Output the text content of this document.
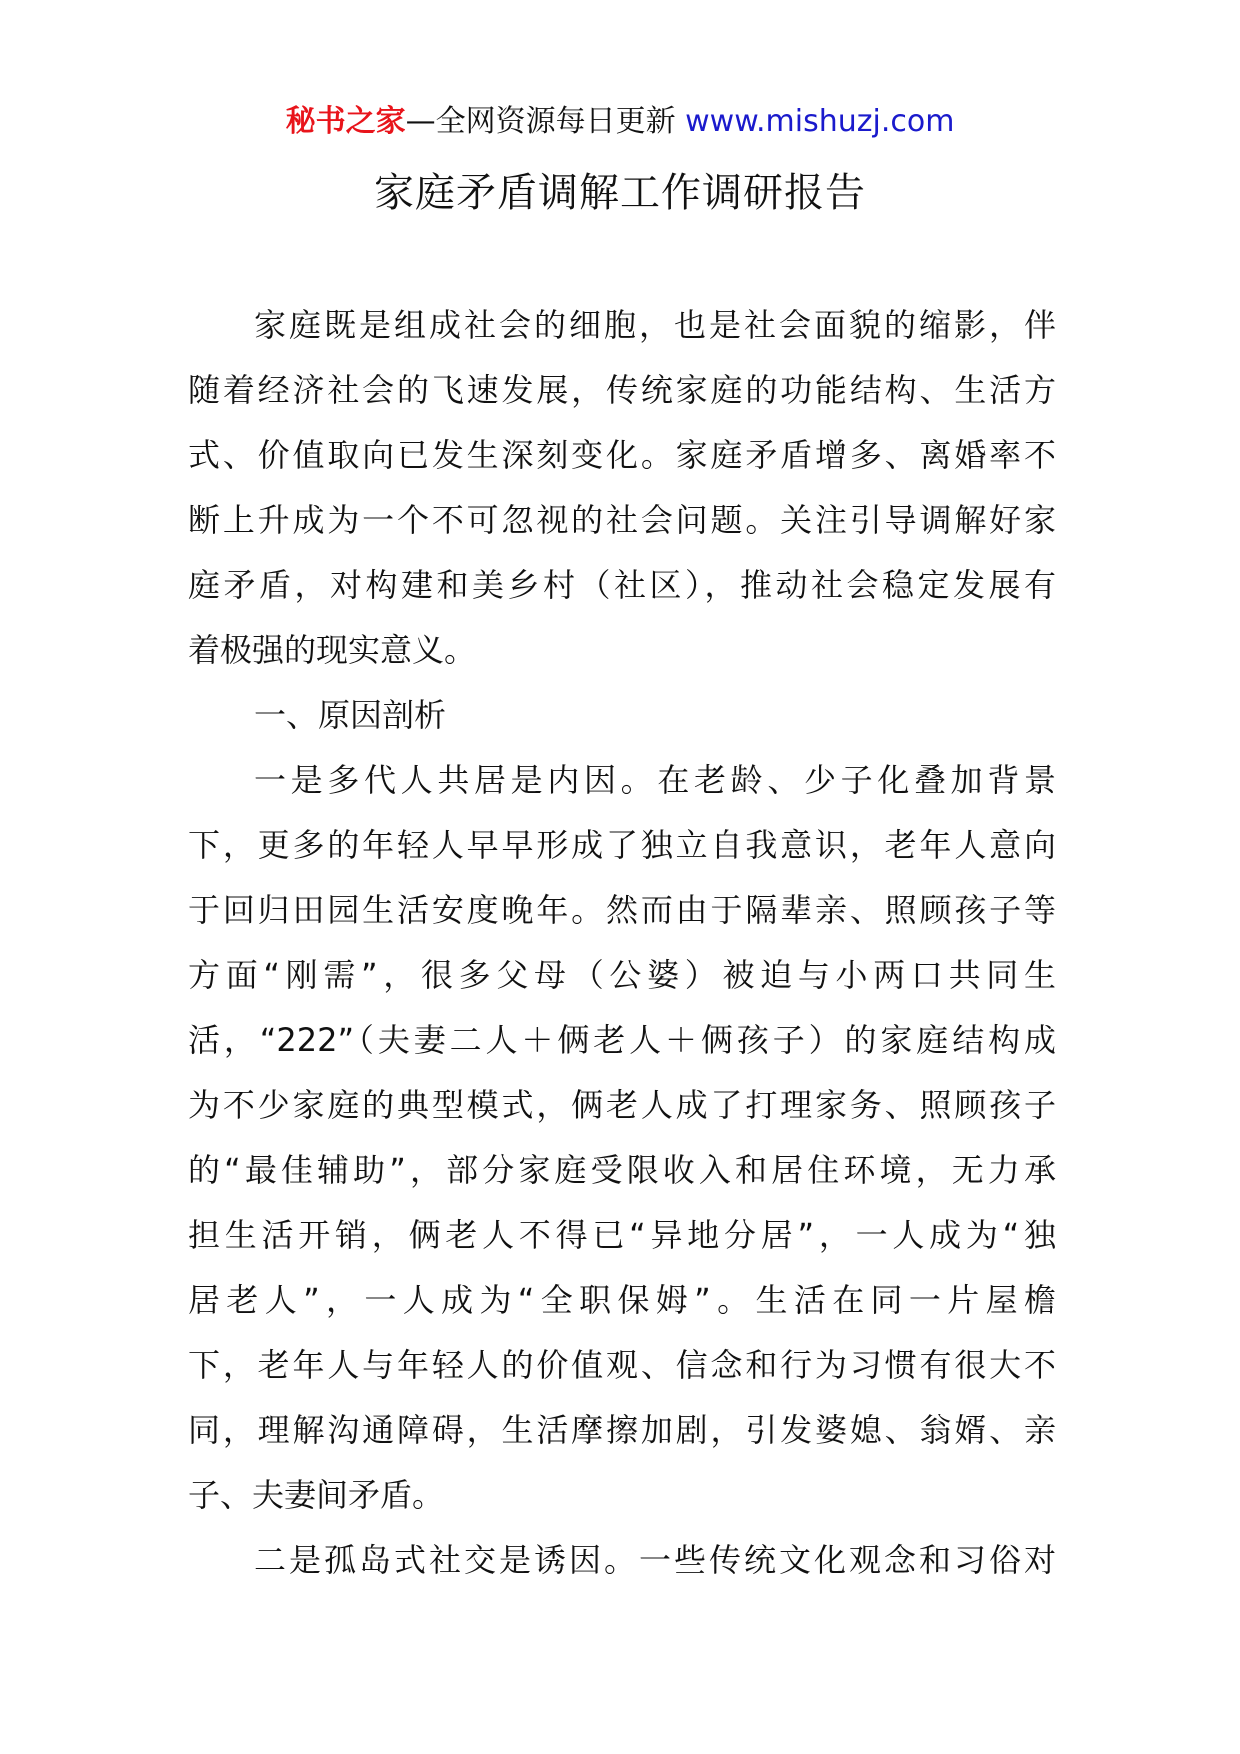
秘书之家—全网资源每日更新 www.mishuzj.com
家庭矛盾调解工作调研报告
家庭既是组成社会的细胞，也是社会面貌的缩影，伴
随着经济社会的飞速发展，传统家庭的功能结构、生活方
式、价值取向已发生深刻变化。家庭矛盾增多、离婚率不
断上升成为一个不可忽视的社会问题。关注引导调解好家
庭矛盾，对构建和美乡村（社区），推动社会稳定发展有
着极强的现实意义。
一、原因剖析
一是多代人共居是内因。在老龄、少子化叠加背景
下，更多的年轻人早早形成了独立自我意识，老年人意向
于回归田园生活安度晚年。然而由于隔辈亲、照顾孩子等
方面“刚需”，很多父母（公婆）被迫与小两口共同生
活，“222”（夫妻二人＋俩老人＋俩孩子）的家庭结构成
为不少家庭的典型模式，俩老人成了打理家务、照顾孩子
的“最佳辅助”，部分家庭受限收入和居住环境，无力承
担生活开销，俩老人不得已“异地分居”，一人成为“独
居老人”，一人成为“全职保姆”。生活在同一片屋檐
下，老年人与年轻人的价值观、信念和行为习惯有很大不
同，理解沟通障碍，生活摩擦加剧，引发婆媳、翁婿、亲
子、夫妻间矛盾。
二是孤岛式社交是诱因。一些传统文化观念和习俗对
